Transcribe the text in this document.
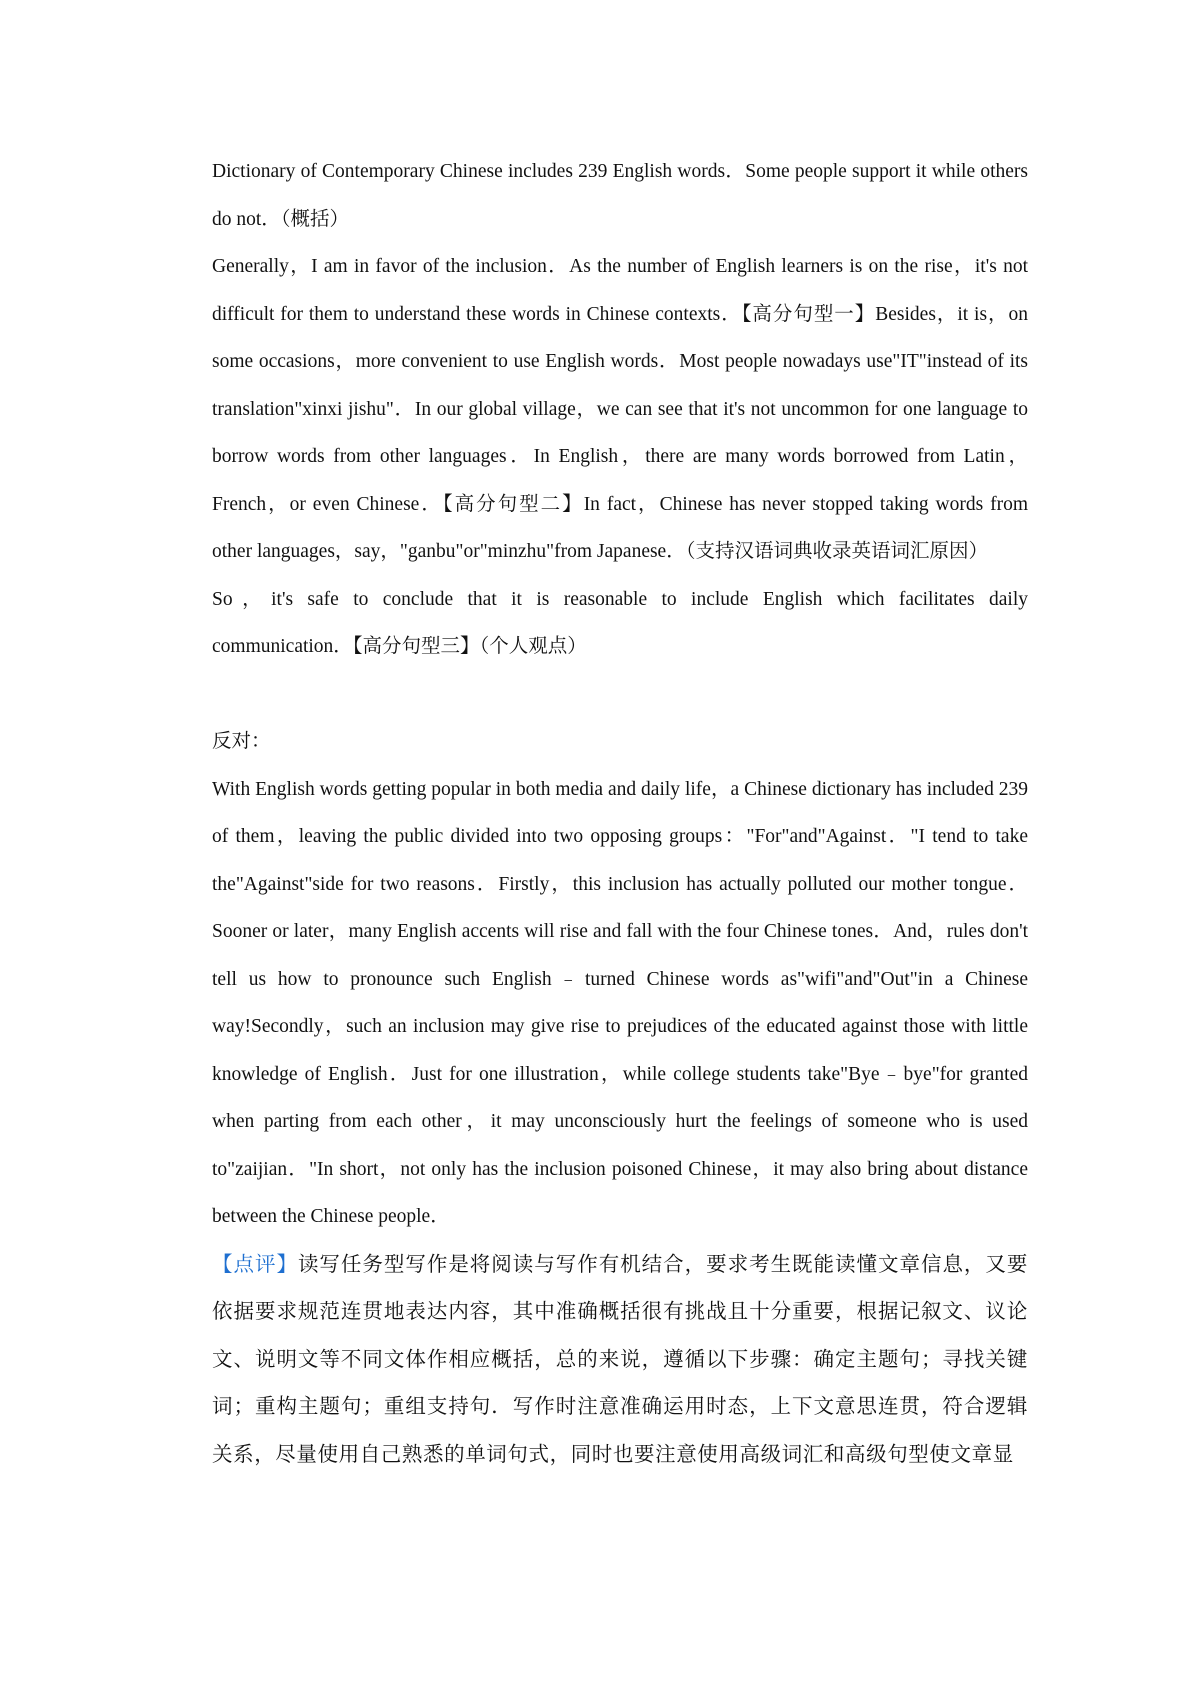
Dictionary of Contemporary Chinese includes 239 English words．Some people support it while others do not．（概括）

Generally，I am in favor of the inclusion．As the number of English learners is on the rise，it's not difficult for them to understand these words in Chinese contexts．【高分句型一】Besides，it is，on some occasions，more convenient to use English words．Most people nowadays use"IT"instead of its translation"xinxi jishu"．In our global village，we can see that it's not uncommon for one language to borrow words from other languages．In English，there are many words borrowed from Latin，French，or even Chinese．【高分句型二】In fact，Chinese has never stopped taking words from other languages，say，"ganbu"or"minzhu"from Japanese．（支持汉语词典收录英语词汇原因）

So，it's safe to conclude that it is reasonable to include English which facilitates daily communication．【高分句型三】（个人观点）

反对：

With English words getting popular in both media and daily life，a Chinese dictionary has included 239 of them，leaving the public divided into two opposing groups："For"and"Against．"I tend to take the"Against"side for two reasons．Firstly，this inclusion has actually polluted our mother tongue．Sooner or later，many English accents will rise and fall with the four Chinese tones．And，rules don't tell us how to pronounce such English﹣turned Chinese words as"wifi"and"Out"in a Chinese way!Secondly，such an inclusion may give rise to prejudices of the educated against those with little knowledge of English．Just for one illustration，while college students take"Bye﹣bye"for granted when parting from each other，it may unconsciously hurt the feelings of someone who is used to"zaijian．"In short，not only has the inclusion poisoned Chinese，it may also bring about distance between the Chinese people．

【点评】读写任务型写作是将阅读与写作有机结合，要求考生既能读懂文章信息，又要依据要求规范连贯地表达内容，其中准确概括很有挑战且十分重要，根据记叙文、议论文、说明文等不同文体作相应概括，总的来说，遵循以下步骤：确定主题句；寻找关键词；重构主题句；重组支持句．写作时注意准确运用时态，上下文意思连贯，符合逻辑关系，尽量使用自己熟悉的单词句式，同时也要注意使用高级词汇和高级句型使文章显
